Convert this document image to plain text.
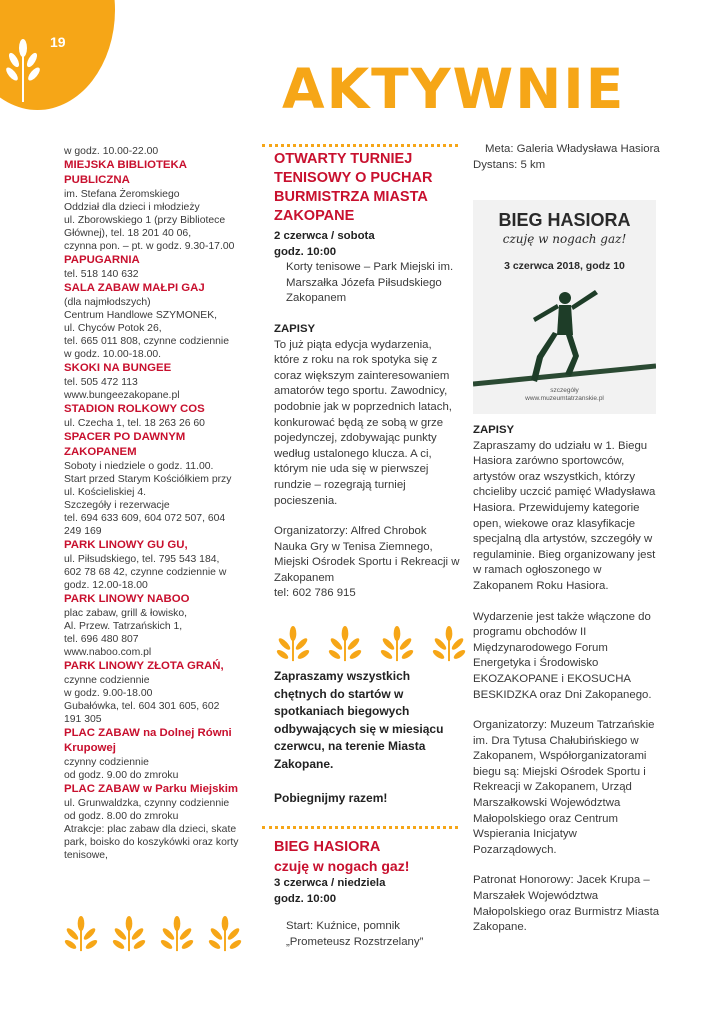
19
AKTYWNIE
w godz. 10.00-22.00
MIEJSKA BIBLIOTEKA PUBLICZNA
im. Stefana Żeromskiego
Oddział dla dzieci i młodzieży
ul. Zborowskiego 1 (przy Bibliotece Głównej), tel. 18 201 40 06,
czynna pon. – pt. w godz. 9.30-17.00
PAPUGARNIA
tel. 518 140 632
SALA ZABAW MAŁPI GAJ
(dla najmłodszych)
Centrum Handlowe SZYMONEK,
ul. Chyców Potok 26,
tel. 665 011 808, czynne codziennie w godz. 10.00-18.00.
SKOKI NA BUNGEE
tel. 505 472 113
www.bungeezakopane.pl
STADION ROLKOWY COS
ul. Czecha 1, tel. 18 263 26 60
SPACER PO DAWNYM ZAKOPANEM
Soboty i niedziele o godz. 11.00.
Start przed Starym Kościółkiem przy ul. Kościeliskiej 4.
Szczegóły i rezerwacje
tel. 694 633 609, 604 072 507, 604 249 169
PARK LINOWY GU GU,
ul. Piłsudskiego, tel. 795 543 184, 602 78 68 42, czynne codziennie w godz. 12.00-18.00
PARK LINOWY NABOO
plac zabaw, grill & łowisko,
Al. Przew. Tatrzańskich 1,
tel. 696 480 807
www.naboo.com.pl
PARK LINOWY ZŁOTA GRAŃ,
czynne codziennie
w godz. 9.00-18.00
Gubałówka, tel. 604 301 605, 602 191 305
PLAC ZABAW na Dolnej Równi Krupowej
czynny codziennie
od godz. 9.00 do zmroku
PLAC ZABAW w Parku Miejskim
ul. Grunwaldzka, czynny codziennie od godz. 8.00 do zmroku
Atrakcje: plac zabaw dla dzieci, skate park, boisko do koszykówki oraz korty tenisowe,
OTWARTY TURNIEJ TENISOWY O PUCHAR BURMISTRZA MIASTA ZAKOPANE
2 czerwca / sobota
godz. 10:00
Korty tenisowe – Park Miejski im. Marszałka Józefa Piłsudskiego Zakopanem
ZAPISY
To już piąta edycja wydarzenia, które z roku na rok spotyka się z coraz większym zainteresowaniem amatorów tego sportu. Zawodnicy, podobnie jak w poprzednich latach, konkurować będą ze sobą w grze pojedynczej, zdobywając punkty według ustalonego klucza. A ci, którym nie uda się w pierwszej rundzie – rozegrają turniej pocieszenia.
Organizatorzy: Alfred Chrobok Nauka Gry w Tenisa Ziemnego, Miejski Ośrodek Sportu i Rekreacji w Zakopanem
tel: 602 786 915
Zapraszamy wszystkich chętnych do startów w spotkaniach biegowych odbywających się w miesiącu czerwcu, na terenie Miasta Zakopane.
Pobiegnijmy razem!
BIEG HASIORA
czuję w nogach gaz!
3 czerwca / niedziela
godz. 10:00
Start: Kuźnice, pomnik „Prometeusz Rozstrzelany”
Meta: Galeria Władysława Hasiora
Dystans: 5 km
BIEG HASIORA
czuję w nogach gaz!
3 czerwca 2018, godz 10
szczegóły
www.muzeumtatrzanskie.pl
ZAPISY
Zapraszamy do udziału w 1. Biegu Hasiora zarówno sportowców, artystów oraz wszystkich, którzy chcieliby uczcić pamięć Władysława Hasiora. Przewidujemy kategorie open, wiekowe oraz klasyfikacje specjalną dla artystów, szczegóły w regulaminie. Bieg organizowany jest w ramach ogłoszonego w Zakopanem Roku Hasiora.
Wydarzenie jest także włączone do programu obchodów II Międzynarodowego Forum Energetyka i Środowisko EKOZAKOPANE i EKOSUCHA BESKIDZKA oraz Dni Zakopanego.
Organizatorzy: Muzeum Tatrzańskie im. Dra Tytusa Chałubińskiego w Zakopanem, Współorganizatorami biegu są: Miejski Ośrodek Sportu i Rekreacji w Zakopanem, Urząd Marszałkowski Województwa Małopolskiego oraz Centrum Wspierania Inicjatyw Pozarządowych.
Patronat Honorowy: Jacek Krupa – Marszałek Województwa Małopolskiego oraz Burmistrz Miasta Zakopane.
